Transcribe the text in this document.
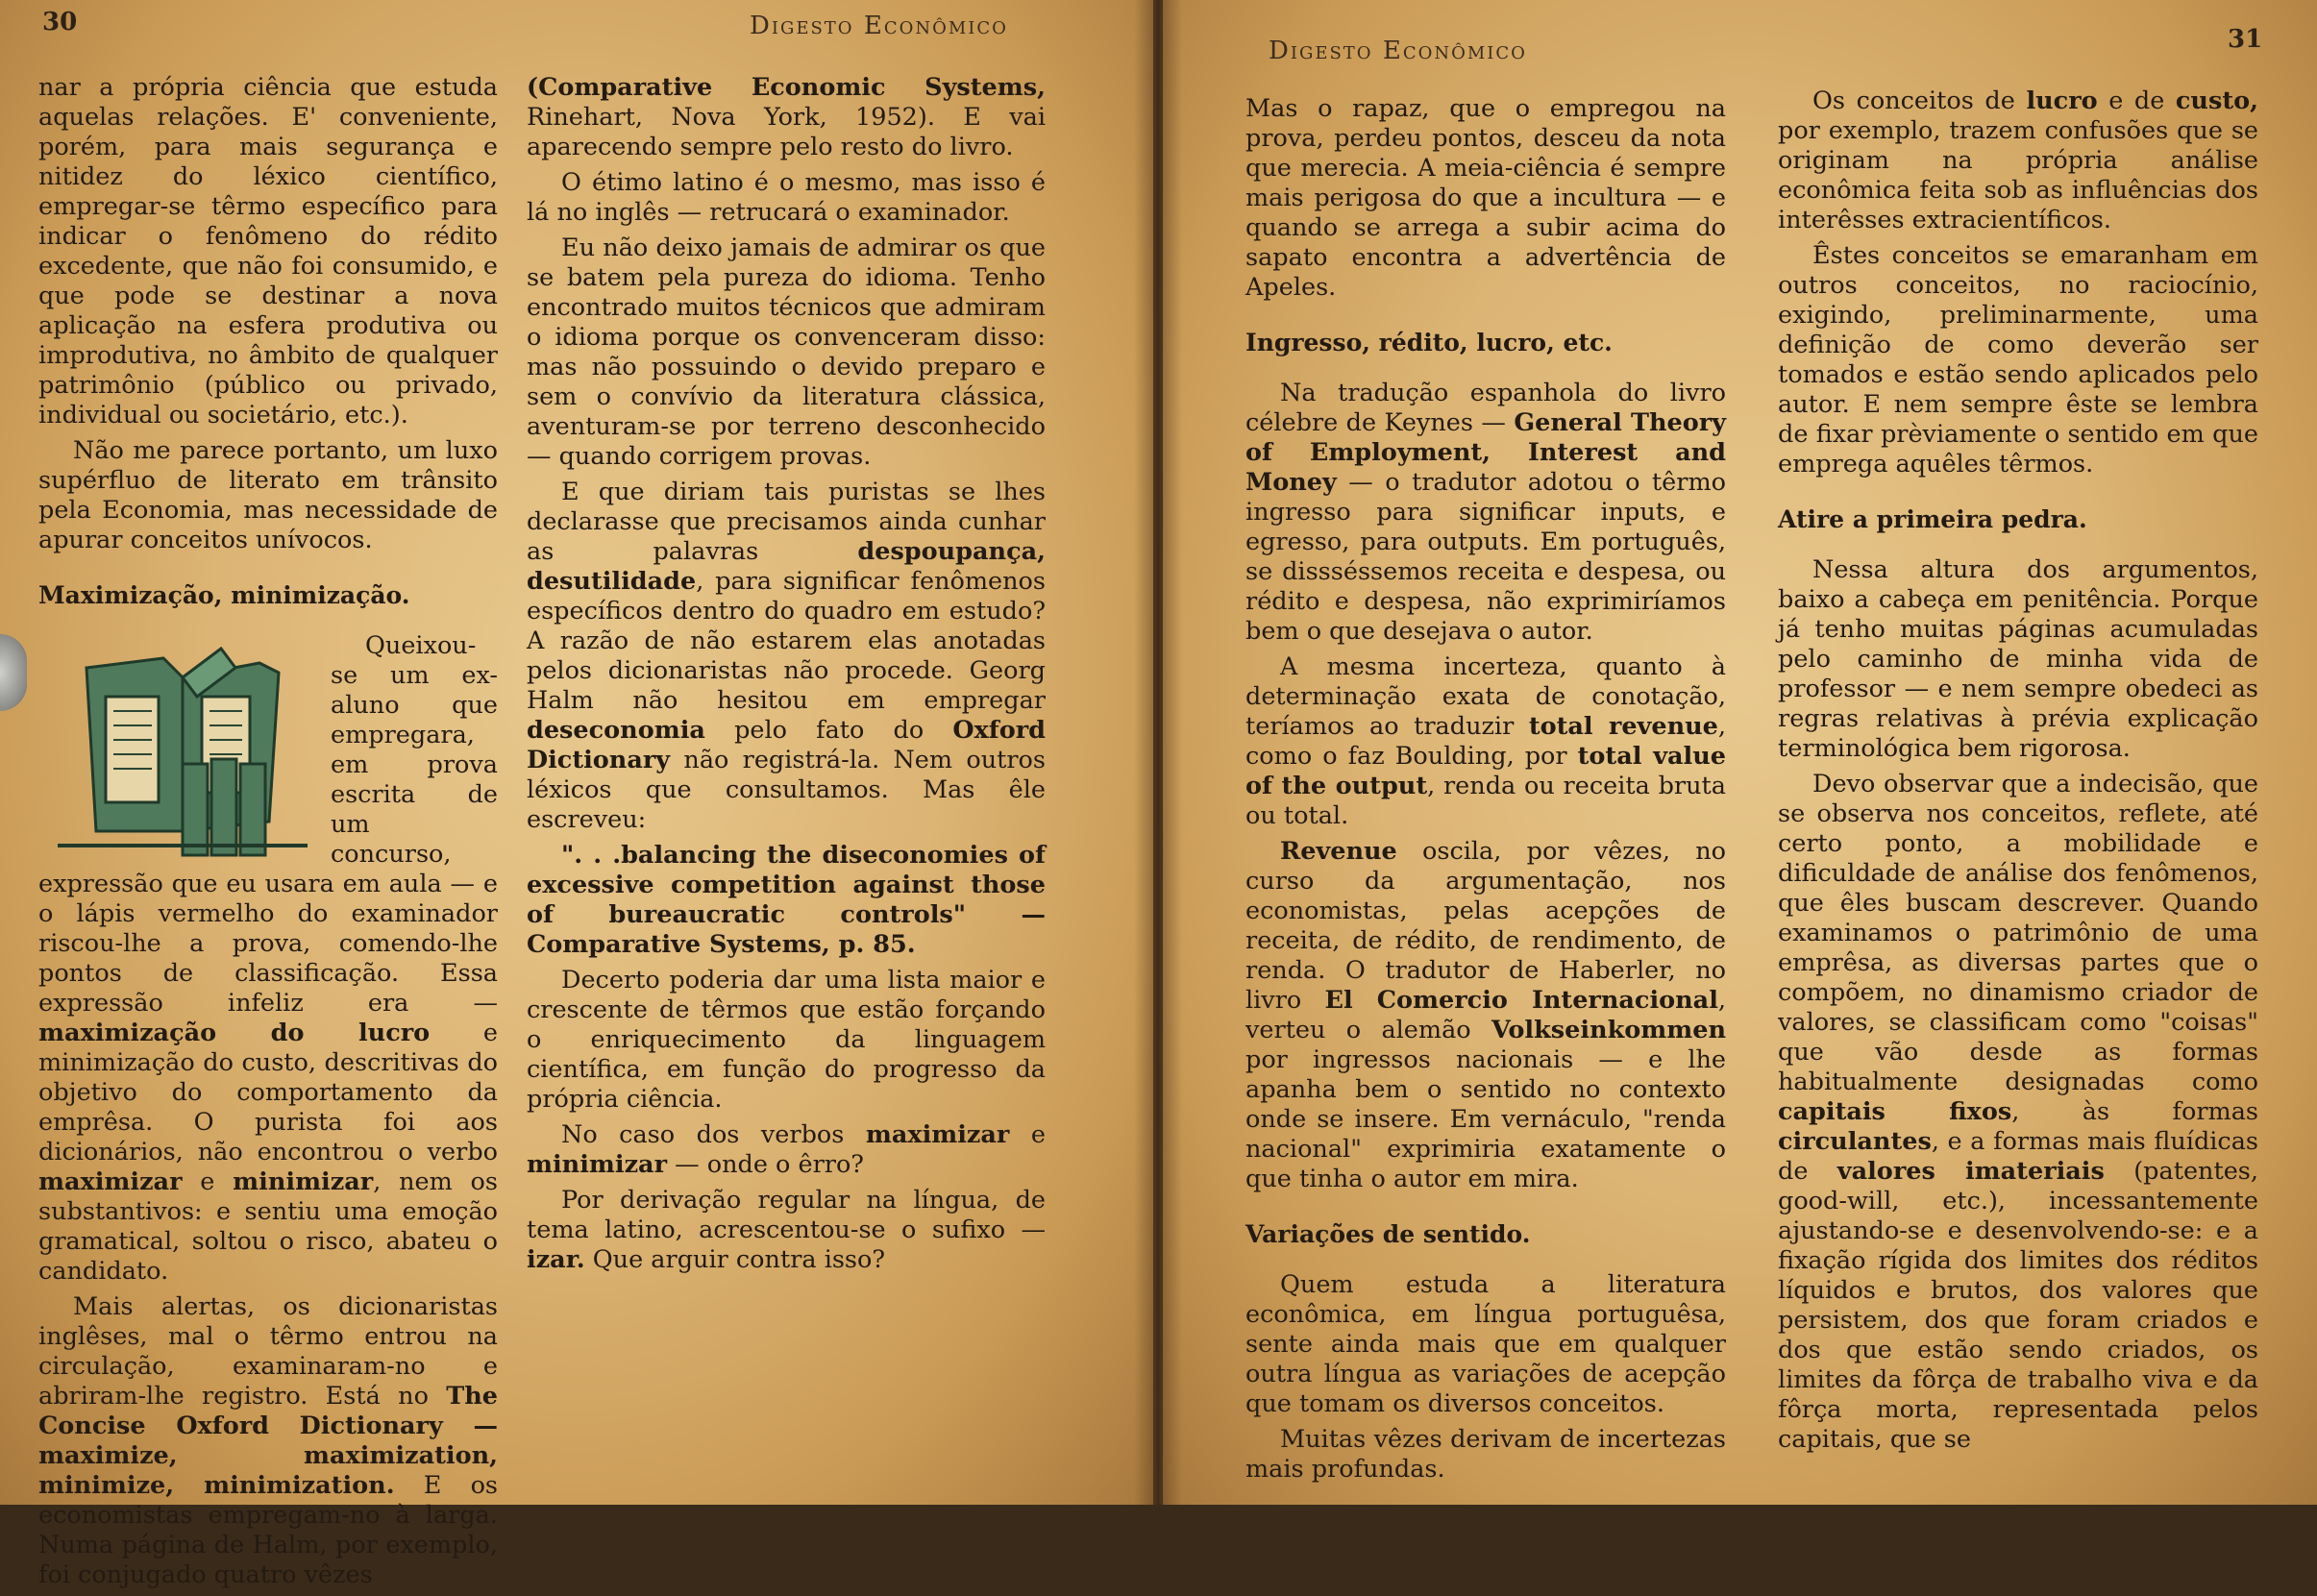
30	Digesto Econômico

nar a própria ciência que estuda aquelas relações. E' conveniente, porém, para mais segurança e nitidez do léxico científico, empregar-se têrmo específico para indicar o fenômeno do rédito excedente, que não foi consumido, e que pode se destinar a nova aplicação na esfera produtiva ou improdutiva, no âmbito de qualquer patrimônio (público ou privado, individual ou societário, etc.).

Não me parece portanto, um luxo supérfluo de literato em trânsito pela Economia, mas necessidade de apurar conceitos unívocos.

Maximização, minimização.

Queixou-se um ex-aluno que empregara, em prova escrita de um concurso, expressão que eu usara em aula — e o lápis vermelho do examinador riscou-lhe a prova, comendo-lhe pontos de classificação. Essa expressão infeliz era — maximização do lucro e minimização do custo, descritivas do objetivo do comportamento da emprêsa. O purista foi aos dicionários, não encontrou o verbo maximizar e minimizar, nem os substantivos: e sentiu uma emoção gramatical, soltou o risco, abateu o candidato.

Mais alertas, os dicionaristas inglêses, mal o têrmo entrou na circulação, examinaram-no e abriram-lhe registro. Está no The Concise Oxford Dictionary — maximize, maximization, minimize, minimization. E os economistas empregam-no à larga. Numa página de Halm, por exemplo, foi conjugado quatro vêzes

(Comparative Economic Systems, Rinehart, Nova York, 1952). E vai aparecendo sempre pelo resto do livro.

O étimo latino é o mesmo, mas isso é lá no inglês — retrucará o examinador.

Eu não deixo jamais de admirar os que se batem pela pureza do idioma. Tenho encontrado muitos técnicos que admiram o idioma porque os convenceram disso: mas não possuindo o devido preparo e sem o convívio da literatura clássica, aventuram-se por terreno desconhecido — quando corrigem provas.

E que diriam tais puristas se lhes declarasse que precisamos ainda cunhar as palavras despoupança, desutilidade, para significar fenômenos específicos dentro do quadro em estudo? A razão de não estarem elas anotadas pelos dicionaristas não procede. Georg Halm não hesitou em empregar deseconomia pelo fato do Oxford Dictionary não registrá-la. Nem outros léxicos que consultamos. Mas êle escreveu:

". . .balancing the diseconomies of excessive competition against those of bureaucratic controls" — Comparative Systems, p. 85.

Decerto poderia dar uma lista maior e crescente de têrmos que estão forçando o enriquecimento da linguagem científica, em função do progresso da própria ciência.

No caso dos verbos maximizar e minimizar — onde o êrro?

Por derivação regular na língua, de tema latino, acrescentou-se o sufixo — izar. Que arguir contra isso?

Digesto Econômico	31

Mas o rapaz, que o empregou na prova, perdeu pontos, desceu da nota que merecia. A meia-ciência é sempre mais perigosa do que a incultura — e quando se arrega a subir acima do sapato encontra a advertência de Apeles.

Ingresso, rédito, lucro, etc.

Na tradução espanhola do livro célebre de Keynes — General Theory of Employment, Interest and Money — o tradutor adotou o têrmo ingresso para significar inputs, e egresso, para outputs. Em português, se dissséssemos receita e despesa, ou rédito e despesa, não exprimiríamos bem o que desejava o autor.

A mesma incerteza, quanto à determinação exata de conotação, teríamos ao traduzir total revenue, como o faz Boulding, por total value of the output, renda ou receita bruta ou total.

Revenue oscila, por vêzes, no curso da argumentação, nos economistas, pelas acepções de receita, de rédito, de rendimento, de renda. O tradutor de Haberler, no livro El Comercio Internacional, verteu o alemão Volkseinkommen por ingressos nacionais — e lhe apanha bem o sentido no contexto onde se insere. Em vernáculo, "renda nacional" exprimiria exatamente o que tinha o autor em mira.

Variações de sentido.

Quem estuda a literatura econômica, em língua portuguêsa, sente ainda mais que em qualquer outra língua as variações de acepção que tomam os diversos conceitos.

Muitas vêzes derivam de incertezas mais profundas.

Os conceitos de lucro e de custo, por exemplo, trazem confusões que se originam na própria análise econômica feita sob as influências dos interêsses extracientíficos.

Êstes conceitos se emaranham em outros conceitos, no raciocínio, exigindo, preliminarmente, uma definição de como deverão ser tomados e estão sendo aplicados pelo autor. E nem sempre êste se lembra de fixar prèviamente o sentido em que emprega aquêles têrmos.

Atire a primeira pedra.

Nessa altura dos argumentos, baixo a cabeça em penitência. Porque já tenho muitas páginas acumuladas pelo caminho de minha vida de professor — e nem sempre obedeci as regras relativas à prévia explicação terminológica bem rigorosa.

Devo observar que a indecisão, que se observa nos conceitos, reflete, até certo ponto, a mobilidade e dificuldade de análise dos fenômenos, que êles buscam descrever. Quando examinamos o patrimônio de uma emprêsa, as diversas partes que o compõem, no dinamismo criador de valores, se classificam como "coisas" que vão desde as formas habitualmente designadas como capitais fixos, às formas circulantes, e a formas mais fluídicas de valores imateriais (patentes, good-will, etc.), incessantemente ajustando-se e desenvolvendo-se: e a fixação rígida dos limites dos réditos líquidos e brutos, dos valores que persistem, dos que foram criados e dos que estão sendo criados, os limites da fôrça de trabalho viva e da fôrça morta, representada pelos capitais, que se
